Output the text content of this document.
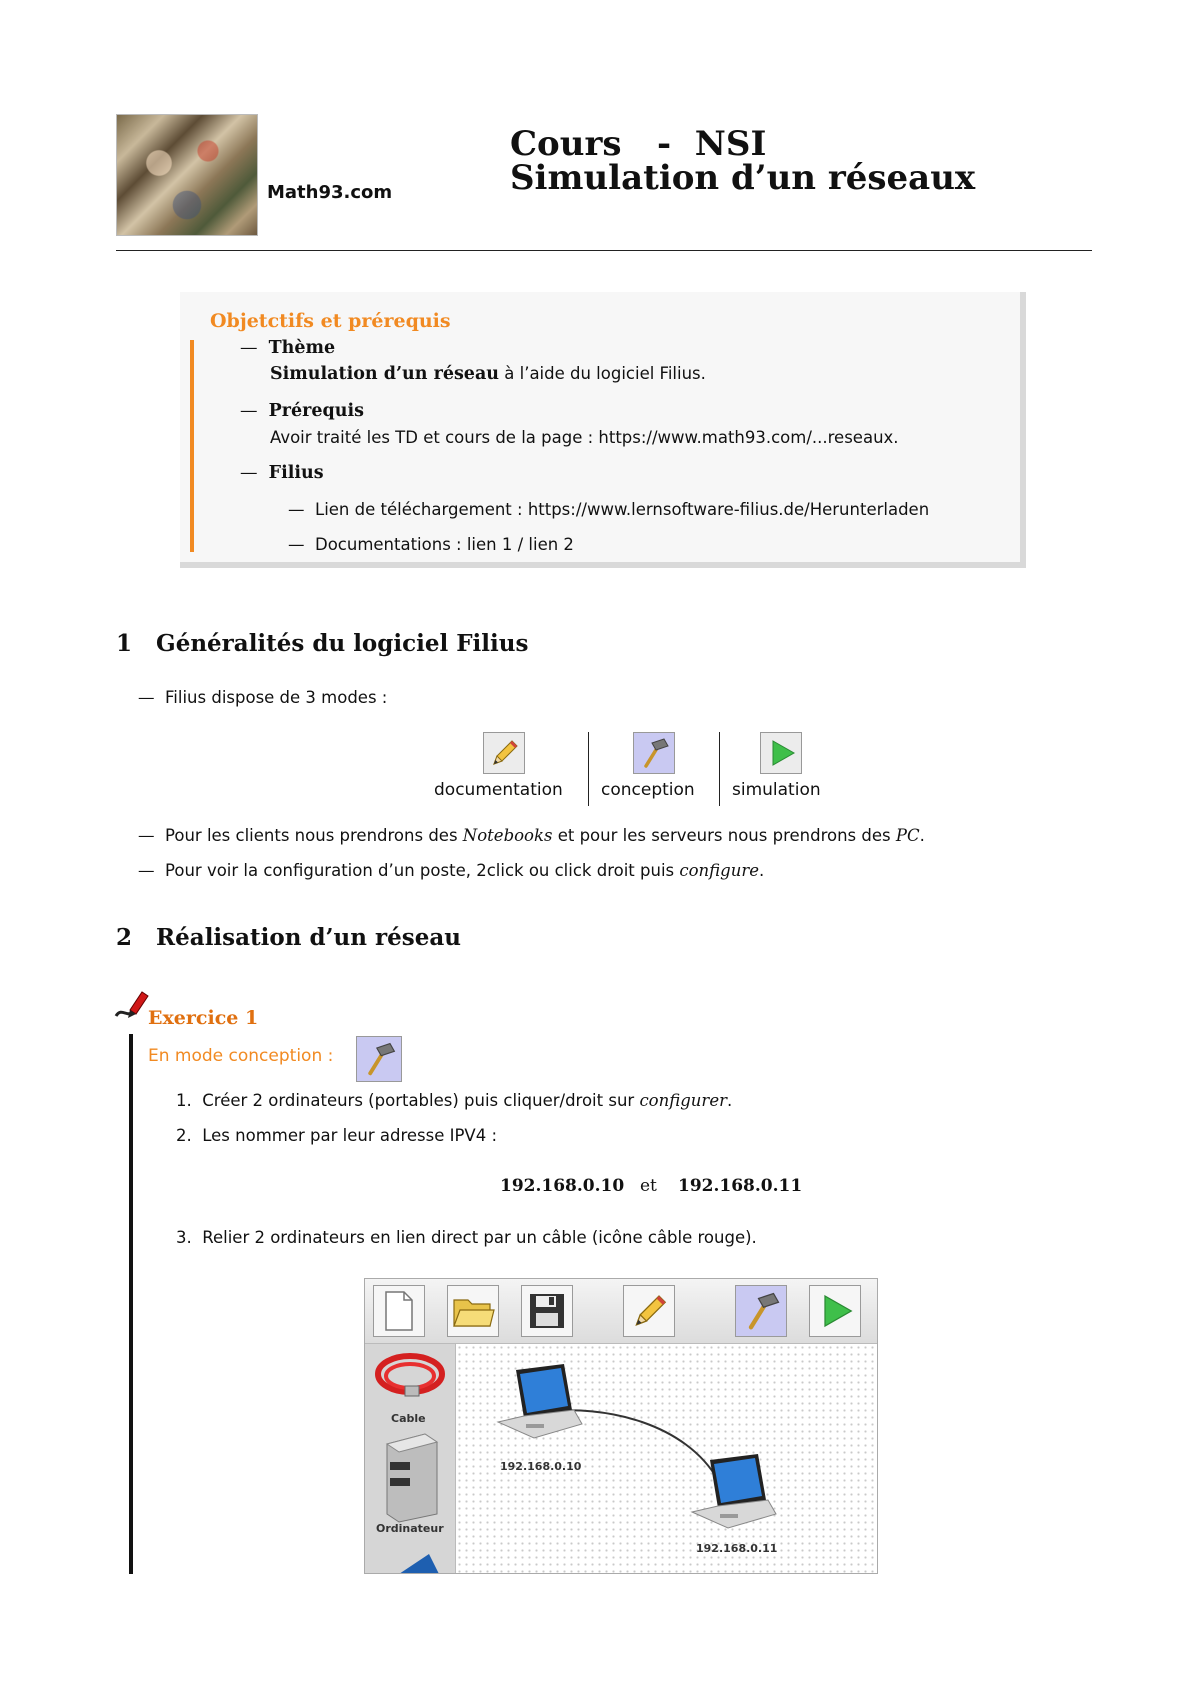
Math93.com
Cours   -  NSI
Simulation d’un réseaux
Objetctifs et prérequis
— Thème
Simulation d’un réseau à l’aide du logiciel Filius.
— Prérequis
Avoir traité les TD et cours de la page : https://www.math93.com/...reseaux.
— Filius
— Lien de téléchargement : https://www.lernsoftware-filius.de/Herunterladen
— Documentations : lien 1 / lien 2
1 Généralités du logiciel Filius
— Filius dispose de 3 modes :
documentation conception simulation
— Pour les clients nous prendrons des Notebooks et pour les serveurs nous prendrons des PC.
— Pour voir la configuration d’un poste, 2click ou click droit puis configure.
2 Réalisation d’un réseau
Exercice 1
En mode conception :
1. Créer 2 ordinateurs (portables) puis cliquer/droit sur configurer.
2. Les nommer par leur adresse IPV4 :
192.168.0.10 et 192.168.0.11
3. Relier 2 ordinateurs en lien direct par un câble (icône câble rouge).
Cable
Ordinateur
192.168.0.10
192.168.0.11
